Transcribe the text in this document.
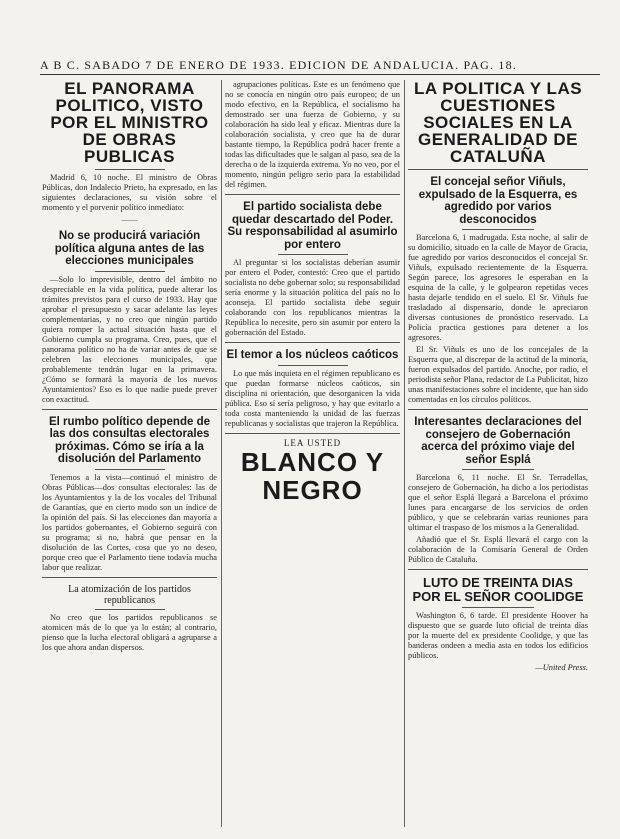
A B C. SABADO 7 DE ENERO DE 1933. EDICION DE ANDALUCIA. PAG. 18.
EL PANORAMA POLITICO, VISTO POR EL MINISTRO DE OBRAS PUBLICAS

Madrid 6, 10 noche. El ministro de Obras Públicas, don Indalecio Prieto, ha expresado, en las siguientes declaraciones, su visión sobre el momento y el porvenir político inmediato:

——
No se producirá variación política alguna antes de las elecciones municipales

—Solo lo imprevisible, dentro del ámbito no despreciable en la vida política, puede alterar los trámites previstos para el curso de 1933. Hay que aprobar el presupuesto y sacar adelante las leyes complementarias, y no creo que ningún partido quiera romper la actual situación hasta que el Gobierno cumpla su programa. Creo, pues, que el panorama político no ha de variar antes de que se celebren las elecciones municipales, que probablemente tendrán lugar en la primavera. ¿Cómo se formará la mayoría de los nuevos Ayuntamientos? Eso es lo que nadie puede prever con exactitud.

El rumbo político depende de las dos consultas electorales próximas. Cómo se iría a la disolución del Parlamento

Tenemos a la vista—continuó el ministro de Obras Públicas—dos consultas electorales: las de los Ayuntamientos y la de los vocales del Tribunal de Garantías, que en cierto modo son un índice de la opinión del país. Si las elecciones dan mayoría a los partidos gobernantes, el Gobierno seguirá con su programa; si no, habrá que pensar en la disolución de las Cortes, cosa que yo no deseo, porque creo que el Parlamento tiene todavía mucha labor que realizar.

La atomización de los partidos republicanos

No creo que los partidos republicanos se atomicen más de lo que ya lo están; al contrario, pienso que la lucha electoral obligará a agruparse a los que ahora andan dispersos.

agrupaciones políticas. Este es un fenómeno que no se conocía en ningún otro país europeo; de un modo efectivo, en la República, el socialismo ha demostrado ser una fuerza de Gobierno, y su colaboración ha sido leal y eficaz. Mientras dure la colaboración socialista, y creo que ha de durar bastante tiempo, la República podrá hacer frente a todas las dificultades que le salgan al paso, sea de la derecha o de la izquierda extrema. Yo no veo, por el momento, ningún peligro serio para la estabilidad del régimen.

El partido socialista debe quedar descartado del Poder. Su responsabilidad al asumirlo por entero

Al preguntar si los socialistas deberían asumir por entero el Poder, contestó: Creo que el partido socialista no debe gobernar solo; su responsabilidad sería enorme y la situación política del país no lo aconseja. El partido socialista debe seguir colaborando con los republicanos mientras la República lo necesite, pero sin asumir por entero la gobernación del Estado.

El temor a los núcleos caóticos

Lo que más inquieta en el régimen republicano es que puedan formarse núcleos caóticos, sin disciplina ni orientación, que desorganicen la vida pública. Eso sí sería peligroso, y hay que evitarlo a toda costa manteniendo la unidad de las fuerzas republicanas y socialistas que trajeron la República.

LEA USTED
BLANCO Y NEGRO
LA POLITICA Y LAS CUESTIONES SOCIALES EN LA GENERALIDAD DE CATALUÑA
El concejal señor Viñuls, expulsado de la Esquerra, es agredido por varios desconocidos

Barcelona 6, 1 madrugada. Esta noche, al salir de su domicilio, situado en la calle de Mayor de Gracia, fue agredido por varios desconocidos el concejal Sr. Viñuls, expulsado recientemente de la Esquerra. Según parece, los agresores le esperaban en la esquina de la calle, y le golpearon repetidas veces hasta dejarle tendido en el suelo. El Sr. Viñuls fue trasladado al dispensario, donde le apreciaron diversas contusiones de pronóstico reservado. La Policía practica gestiones para detener a los agresores.

El Sr. Viñuls es uno de los concejales de la Esquerra que, al discrepar de la actitud de la minoría, fueron expulsados del partido. Anoche, por radio, el periodista señor Plana, redactor de La Publicitat, hizo unas manifestaciones sobre el incidente, que han sido comentadas en los círculos políticos.

Interesantes declaraciones del consejero de Gobernación acerca del próximo viaje del señor Esplá

Barcelona 6, 11 noche. El Sr. Terradellas, consejero de Gobernación, ha dicho a los periodistas que el señor Esplá llegará a Barcelona el próximo lunes para encargarse de los servicios de orden público, y que se celebrarán varias reuniones para ultimar el traspaso de los mismos a la Generalidad.

Añadió que el Sr. Esplá llevará el cargo con la colaboración de la Comisaría General de Orden Público de Cataluña.

LUTO DE TREINTA DIAS POR EL SEÑOR COOLIDGE

Washington 6, 6 tarde. El presidente Hoover ha dispuesto que se guarde luto oficial de treinta días por la muerte del ex presidente Coolidge, y que las banderas ondeen a media asta en todos los edificios públicos.

—United Press.
